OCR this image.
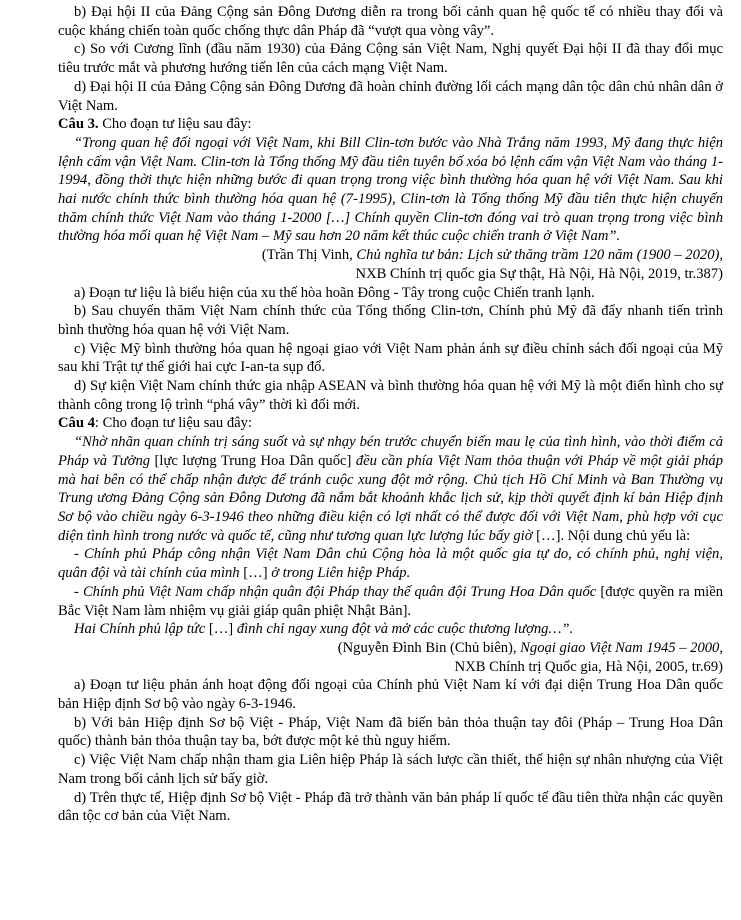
b) Đại hội II của Đảng Cộng sản Đông Dương diễn ra trong bối cảnh quan hệ quốc tế có nhiều thay đổi và cuộc kháng chiến toàn quốc chống thực dân Pháp đã “vượt qua vòng vây”.

c) So với Cương lĩnh (đầu năm 1930) của Đảng Cộng sản Việt Nam, Nghị quyết Đại hội II đã thay đổi mục tiêu trước mắt và phương hướng tiến lên của cách mạng Việt Nam.

d) Đại hội II của Đảng Cộng sản Đông Dương đã hoàn chỉnh đường lối cách mạng dân tộc dân chủ nhân dân ở Việt Nam.

Câu 3. Cho đoạn tư liệu sau đây:

“Trong quan hệ đối ngoại với Việt Nam, khi Bill Clin-tơn bước vào Nhà Trắng năm 1993, Mỹ đang thực hiện lệnh cấm vận Việt Nam. Clin-tơn là Tổng thống Mỹ đầu tiên tuyên bố xóa bỏ lệnh cấm vận Việt Nam vào tháng 1-1994, đồng thời thực hiện những bước đi quan trọng trong việc bình thường hóa quan hệ với Việt Nam. Sau khi hai nước chính thức bình thường hóa quan hệ (7-1995), Clin-tơn là Tổng thống Mỹ đầu tiên thực hiện chuyến thăm chính thức Việt Nam vào tháng 1-2000 […] Chính quyền Clin-tơn đóng vai trò quan trọng trong việc bình thường hóa mối quan hệ Việt Nam – Mỹ sau hơn 20 năm kết thúc cuộc chiến tranh ở Việt Nam”.

(Trần Thị Vinh, Chủ nghĩa tư bản: Lịch sử thăng trầm 120 năm (1900 – 2020),

NXB Chính trị quốc gia Sự thật, Hà Nội, Hà Nội, 2019, tr.387)

a) Đoạn tư liệu là biểu hiện của xu thế hòa hoãn Đông - Tây trong cuộc Chiến tranh lạnh.

b) Sau chuyến thăm Việt Nam chính thức của Tổng thống Clin-tơn, Chính phủ Mỹ đã đẩy nhanh tiến trình bình thường hóa quan hệ với Việt Nam.

c) Việc Mỹ bình thường hóa quan hệ ngoại giao với Việt Nam phản ánh sự điều chỉnh sách đối ngoại của Mỹ sau khi Trật tự thế giới hai cực I-an-ta sụp đổ.

d) Sự kiện Việt Nam chính thức gia nhập ASEAN và bình thường hóa quan hệ với Mỹ là một điển hình cho sự thành công trong lộ trình “phá vây” thời kì đổi mới.

Câu 4: Cho đoạn tư liệu sau đây:

“Nhờ nhãn quan chính trị sáng suốt và sự nhạy bén trước chuyển biến mau lẹ của tình hình, vào thời điểm cả Pháp và Tưởng [lực lượng Trung Hoa Dân quốc] đều cần phía Việt Nam thỏa thuận với Pháp về một giải pháp mà hai bên có thể chấp nhận được để tránh cuộc xung đột mở rộng. Chủ tịch Hồ Chí Minh và Ban Thường vụ Trung ương Đảng Cộng sản Đông Dương đã nắm bắt khoảnh khắc lịch sử, kịp thời quyết định kí bản Hiệp định Sơ bộ vào chiều ngày 6-3-1946 theo những điều kiện có lợi nhất có thể được đối với Việt Nam, phù hợp với cục diện tình hình trong nước và quốc tế, cũng như tương quan lực lượng lúc bấy giờ […]. Nội dung chủ yếu là:

- Chính phủ Pháp công nhận Việt Nam Dân chủ Cộng hòa là một quốc gia tự do, có chính phủ, nghị viện, quân đội và tài chính của mình […] ở trong Liên hiệp Pháp.

- Chính phủ Việt Nam chấp nhận quân đội Pháp thay thế quân đội Trung Hoa Dân quốc [được quyền ra miền Bắc Việt Nam làm nhiệm vụ giải giáp quân phiệt Nhật Bản].

Hai Chính phủ lập tức […] đình chỉ ngay xung đột và mở các cuộc thương lượng…”.

(Nguyễn Đình Bin (Chủ biên), Ngoại giao Việt Nam 1945 – 2000,

NXB Chính trị Quốc gia, Hà Nội, 2005, tr.69)

a) Đoạn tư liệu phản ánh hoạt động đối ngoại của Chính phủ Việt Nam kí với đại diện Trung Hoa Dân quốc bản Hiệp định Sơ bộ vào ngày 6-3-1946.

b) Với bản Hiệp định Sơ bộ Việt - Pháp, Việt Nam đã biến bản thỏa thuận tay đôi (Pháp – Trung Hoa Dân quốc) thành bản thỏa thuận tay ba, bớt được một kẻ thù nguy hiểm.

c) Việc Việt Nam chấp nhận tham gia Liên hiệp Pháp là sách lược cần thiết, thể hiện sự nhân nhượng của Việt Nam trong bối cảnh lịch sử bấy giờ.

d) Trên thực tế, Hiệp định Sơ bộ Việt - Pháp đã trở thành văn bản pháp lí quốc tế đầu tiên thừa nhận các quyền dân tộc cơ bản của Việt Nam.
